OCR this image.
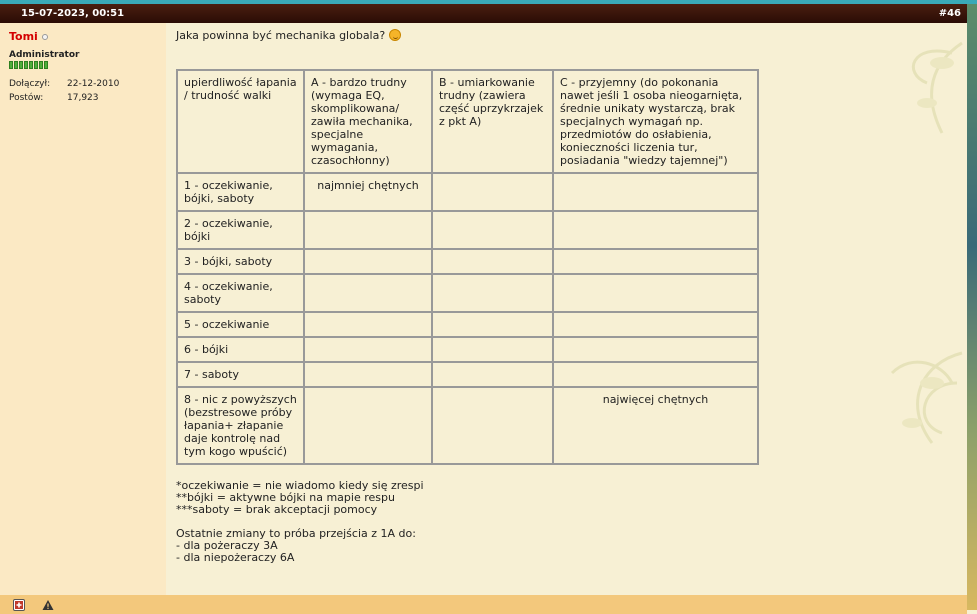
15-07-2023, 00:51	#46
Tomi
Administrator
Dołączył:	22-12-2010
Postów:	17,923
Jaka powinna być mechanika globala?
upierdliwość łapania / trudność walki	A - bardzo trudny (wymaga EQ, skomplikowana/ zawiła mechanika, specjalne wymagania, czasochłonny)	B - umiarkowanie trudny (zawiera część uprzykrzajek z pkt A)	C - przyjemny (do pokonania nawet jeśli 1 osoba nieogarnięta, średnie unikaty wystarczą, brak specjalnych wymagań np. przedmiotów do osłabienia, konieczności liczenia tur, posiadania "wiedzy tajemnej")
1 - oczekiwanie, bójki, saboty	najmniej chętnych		
2 - oczekiwanie, bójki			
3 - bójki, saboty			
4 - oczekiwanie, saboty			
5 - oczekiwanie			
6 - bójki			
7 - saboty			
8 - nic z powyższych (bezstresowe próby łapania+ złapanie daje kontrolę nad tym kogo wpuścić)			najwięcej chętnych
*oczekiwanie = nie wiadomo kiedy się zrespi
**bójki = aktywne bójki na mapie respu
***saboty = brak akceptacji pomocy
Ostatnie zmiany to próba przejścia z 1A do:
- dla pożeraczy 3A
- dla niepożeraczy 6A
